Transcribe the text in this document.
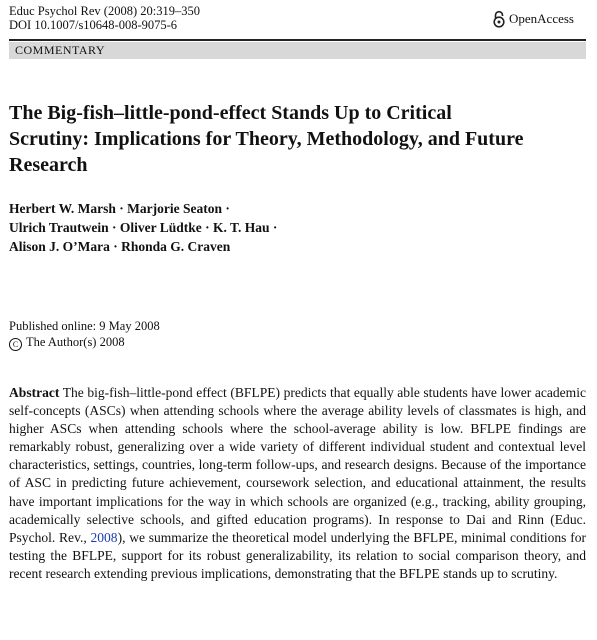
Educ Psychol Rev (2008) 20:319–350
DOI 10.1007/s10648-008-9075-6	OpenAccess
COMMENTARY
The Big-fish–little-pond-effect Stands Up to Critical Scrutiny: Implications for Theory, Methodology, and Future Research
Herbert W. Marsh · Marjorie Seaton ·
Ulrich Trautwein · Oliver Lüdtke · K. T. Hau ·
Alison J. O’Mara · Rhonda G. Craven
Published online: 9 May 2008
C The Author(s) 2008
Abstract The big-fish–little-pond effect (BFLPE) predicts that equally able students have lower academic self-concepts (ASCs) when attending schools where the average ability levels of classmates is high, and higher ASCs when attending schools where the school-average ability is low. BFLPE findings are remarkably robust, generalizing over a wide variety of different individual student and contextual level characteristics, settings, countries, long-term follow-ups, and research designs. Because of the importance of ASC in predicting future achievement, coursework selection, and educational attainment, the results have important implications for the way in which schools are organized (e.g., tracking, ability grouping, academically selective schools, and gifted education programs). In response to Dai and Rinn (Educ. Psychol. Rev., 2008), we summarize the theoretical model underlying the BFLPE, minimal conditions for testing the BFLPE, support for its robust generalizability, its relation to social comparison theory, and recent research extending previous implications, demonstrating that the BFLPE stands up to scrutiny.
